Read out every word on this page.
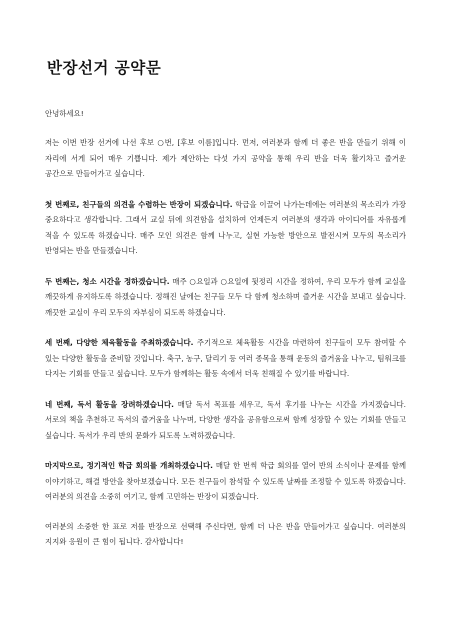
반장선거 공약문
안녕하세요!

저는 이번 반장 선거에 나선 후보 ○번, [후보 이름]입니다. 먼저, 여러분과 함께 더 좋은 반을 만들기 위해 이 자리에 서게 되어 매우 기쁩니다. 제가 제안하는 다섯 가지 공약을 통해 우리 반을 더욱 활기차고 즐거운 공간으로 만들어가고 싶습니다.

첫 번째로, 친구들의 의견을 수렴하는 반장이 되겠습니다. 학급을 이끌어 나가는데에는 여러분의 목소리가 가장 중요하다고 생각합니다. 그래서 교실 뒤에 의견함을 설치하여 언제든지 여러분의 생각과 아이디어를 자유롭게 적을 수 있도록 하겠습니다. 매주 모인 의견은 함께 나누고, 실현 가능한 방안으로 발전시켜 모두의 목소리가 반영되는 반을 만들겠습니다.

두 번째는, 청소 시간을 정하겠습니다. 매주 ○요일과 ○요일에 뒷정리 시간을 정하여, 우리 모두가 함께 교실을 깨끗하게 유지하도록 하겠습니다. 정해진 날에는 친구들 모두 다 함께 청소하며 즐거운 시간을 보내고 싶습니다. 깨끗한 교실이 우리 모두의 자부심이 되도록 하겠습니다.

세 번째, 다양한 체육활동을 주최하겠습니다. 주기적으로 체육활동 시간을 마련하여 친구들이 모두 참여할 수 있는 다양한 활동을 준비할 것입니다. 축구, 농구, 달리기 등 여러 종목을 통해 운동의 즐거움을 나누고, 팀워크를 다지는 기회를 만들고 싶습니다. 모두가 함께하는 활동 속에서 더욱 친해질 수 있기를 바랍니다.

네 번째, 독서 활동을 장려하겠습니다. 매달 독서 목표를 세우고, 독서 후기를 나누는 시간을 가지겠습니다. 서로의 책을 추천하고 독서의 즐거움을 나누며, 다양한 생각을 공유함으로써 함께 성장할 수 있는 기회를 만들고 싶습니다. 독서가 우리 반의 문화가 되도록 노력하겠습니다.

마지막으로, 정기적인 학급 회의를 개최하겠습니다. 매달 한 번씩 학급 회의를 열어 반의 소식이나 문제를 함께 이야기하고, 해결 방안을 찾아보겠습니다. 모든 친구들이 참석할 수 있도록 날짜를 조정할 수 있도록 하겠습니다. 여러분의 의견을 소중히 여기고, 함께 고민하는 반장이 되겠습니다.

여러분의 소중한 한 표로 저를 반장으로 선택해 주신다면, 함께 더 나은 반을 만들어가고 싶습니다. 여러분의 지지와 응원이 큰 힘이 됩니다. 감사합니다!
